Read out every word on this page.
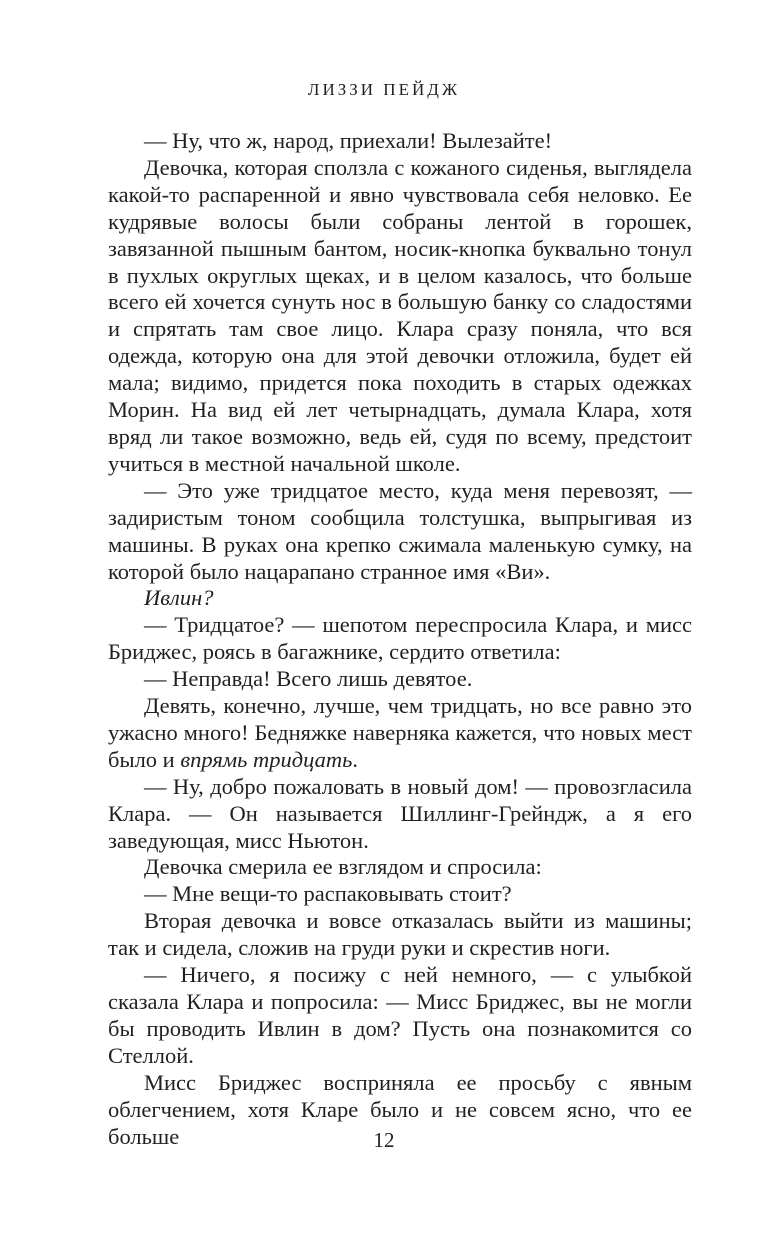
ЛИЗЗИ ПЕЙДЖ

— Ну, что ж, народ, приехали! Вылезайте!

Девочка, которая сползла с кожаного сиденья, выглядела какой-то распаренной и явно чувствовала себя неловко. Ее кудрявые волосы были собраны лентой в горошек, завязанной пышным бантом, носик-кнопка буквально тонул в пухлых округлых щеках, и в целом казалось, что больше всего ей хочется сунуть нос в большую банку со сладостями и спрятать там свое лицо. Клара сразу поняла, что вся одежда, которую она для этой девочки отложила, будет ей мала; видимо, придется пока походить в старых одежках Морин. На вид ей лет четырнадцать, думала Клара, хотя вряд ли такое возможно, ведь ей, судя по всему, предстоит учиться в местной начальной школе.

— Это уже тридцатое место, куда меня перевозят, — задиристым тоном сообщила толстушка, выпрыгивая из машины. В руках она крепко сжимала маленькую сумку, на которой было нацарапано странное имя «Ви».

Ивлин?

— Тридцатое? — шепотом переспросила Клара, и мисс Бриджес, роясь в багажнике, сердито ответила:

— Неправда! Всего лишь девятое.

Девять, конечно, лучше, чем тридцать, но все равно это ужасно много! Бедняжке наверняка кажется, что новых мест было и впрямь тридцать.

— Ну, добро пожаловать в новый дом! — провозгласила Клара. — Он называется Шиллинг-Грейндж, а я его заведующая, мисс Ньютон.

Девочка смерила ее взглядом и спросила:

— Мне вещи-то распаковывать стоит?

Вторая девочка и вовсе отказалась выйти из машины; так и сидела, сложив на груди руки и скрестив ноги.

— Ничего, я посижу с ней немного, — с улыбкой сказала Клара и попросила: — Мисс Бриджес, вы не могли бы проводить Ивлин в дом? Пусть она познакомится со Стеллой.

Мисс Бриджес восприняла ее просьбу с явным облегчением, хотя Кларе было и не совсем ясно, что ее больше	12
